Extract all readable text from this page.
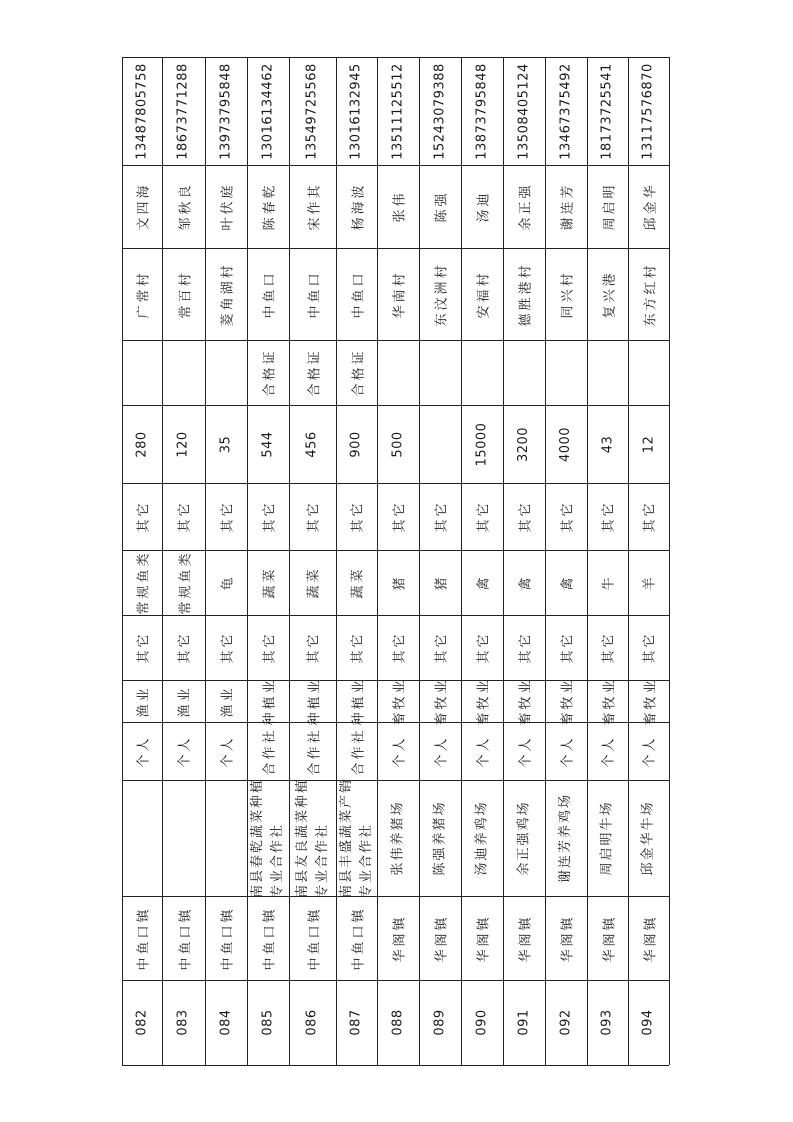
13487805758
文四海
广常村
280
其它
常规鱼类
其它
渔业
个人
中鱼口镇
082
18673771288
邹秋良
常百村
120
其它
常规鱼类
其它
渔业
个人
中鱼口镇
083
13973795848
叶伏庭
菱角湖村
35
其它
龟
其它
渔业
个人
中鱼口镇
084
13016134462
陈春乾
中鱼口
合格证
544
其它
蔬菜
其它
种植业
合作社
南县春乾蔬菜种植
专业合作社
中鱼口镇
085
13549725568
宋作其
中鱼口
合格证
456
其它
蔬菜
其它
种植业
合作社
南县友良蔬菜种植
专业合作社
中鱼口镇
086
13016132945
杨海波
中鱼口
合格证
900
其它
蔬菜
其它
种植业
合作社
南县丰盛蔬菜产销
专业合作社
中鱼口镇
087
13511125512
张伟
华南村
500
其它
猪
其它
畜牧业
个人
张伟养猪场
华阁镇
088
15243079388
陈强
东汶洲村
其它
猪
其它
畜牧业
个人
陈强养猪场
华阁镇
089
13873795848
汤迪
安福村
15000
其它
禽
其它
畜牧业
个人
汤迪养鸡场
华阁镇
090
13508405124
余正强
德胜港村
3200
其它
禽
其它
畜牧业
个人
余正强鸡场
华阁镇
091
13467375492
谢连芳
同兴村
4000
其它
禽
其它
畜牧业
个人
谢连芳养鸡场
华阁镇
092
18173725541
周启明
复兴港
43
其它
牛
其它
畜牧业
个人
周启明牛场
华阁镇
093
13117576870
邱金华
东方红村
12
其它
羊
其它
畜牧业
个人
邱金华牛场
华阁镇
094
